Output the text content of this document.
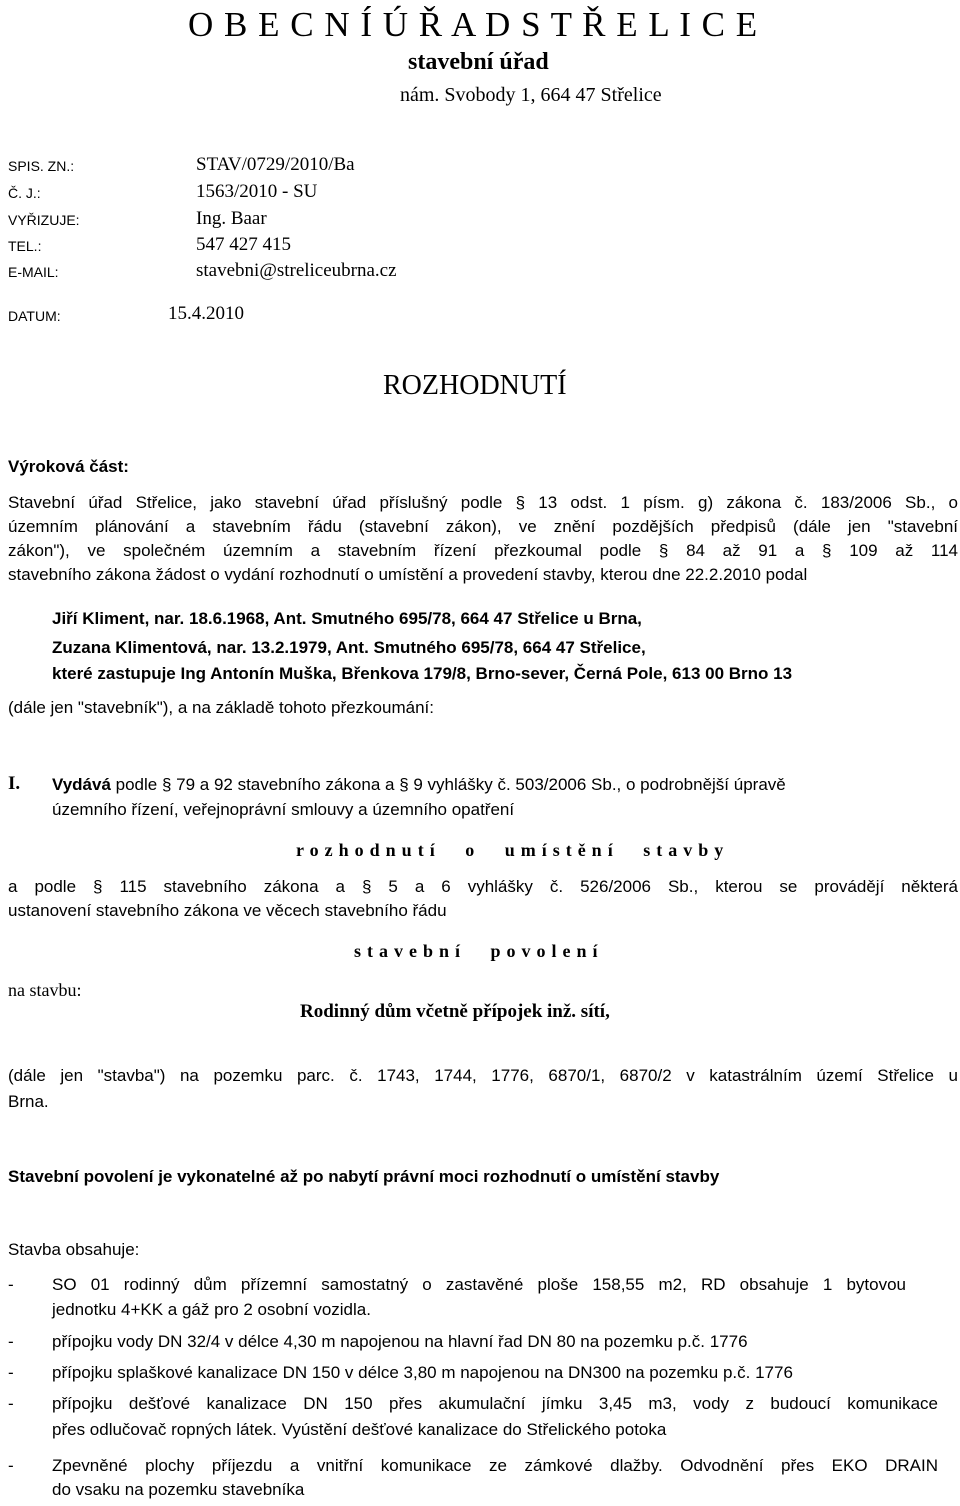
O B E C N Í Ú Ř A D S T Ř E L I C E
stavební úřad
nám. Svobody 1, 664 47 Střelice
SPIS. ZN.:	STAV/0729/2010/Ba
Č. J.:	1563/2010 - SU
VYŘIZUJE:	Ing. Baar
TEL.:	547 427 415
E-MAIL:	stavebni@streliceubrna.cz
DATUM:	15.4.2010
ROZHODNUTÍ
Výroková část:
Stavební úřad Střelice, jako stavební úřad příslušný podle § 13 odst. 1 písm. g) zákona č. 183/2006 Sb., o
územním plánování a stavebním řádu (stavební zákon), ve znění pozdějších předpisů (dále jen "stavební
zákon"), ve společném územním a stavebním řízení přezkoumal podle § 84 až 91 a § 109 až 114
stavebního zákona žádost o vydání rozhodnutí o umístění a provedení stavby, kterou dne 22.2.2010 podal
Jiří Kliment, nar. 18.6.1968, Ant. Smutného 695/78, 664 47 Střelice u Brna,
Zuzana Klimentová, nar. 13.2.1979, Ant. Smutného 695/78, 664 47 Střelice,
které zastupuje Ing Antonín Muška, Břenkova 179/8, Brno-sever, Černá Pole, 613 00 Brno 13
(dále jen "stavebník"), a na základě tohoto přezkoumání:
I. Vydává podle § 79 a 92 stavebního zákona a § 9 vyhlášky č. 503/2006 Sb., o podrobnější úpravě
územního řízení, veřejnoprávní smlouvy a územního opatření
rozhodnutí o umístění stavby
a podle § 115 stavebního zákona a § 5 a 6 vyhlášky č. 526/2006 Sb., kterou se provádějí některá
ustanovení stavebního zákona ve věcech stavebního řádu
stavební povolení
na stavbu:
Rodinný dům včetně přípojek inž. sítí,
(dále jen "stavba") na pozemku parc. č. 1743, 1744, 1776, 6870/1, 6870/2 v katastrálním území Střelice u
Brna.
Stavební povolení je vykonatelné až po nabytí právní moci rozhodnutí o umístění stavby
Stavba obsahuje:
- SO 01 rodinný dům přízemní samostatný o zastavěné ploše 158,55 m2, RD obsahuje 1 bytovou
jednotku 4+KK a gáž pro 2 osobní vozidla.
- přípojku vody DN 32/4 v délce 4,30 m napojenou na hlavní řad DN 80 na pozemku p.č. 1776
- přípojku splaškové kanalizace DN 150 v délce 3,80 m napojenou na DN300 na pozemku p.č. 1776
- přípojku dešťové kanalizace DN 150 přes akumulační jímku 3,45 m3, vody z budoucí komunikace
přes odlučovač ropných látek. Vyústění dešťové kanalizace do Střelického potoka
- Zpevněné plochy příjezdu a vnitřní komunikace ze zámkové dlažby. Odvodnění přes EKO DRAIN
do vsaku na pozemku stavebníka
